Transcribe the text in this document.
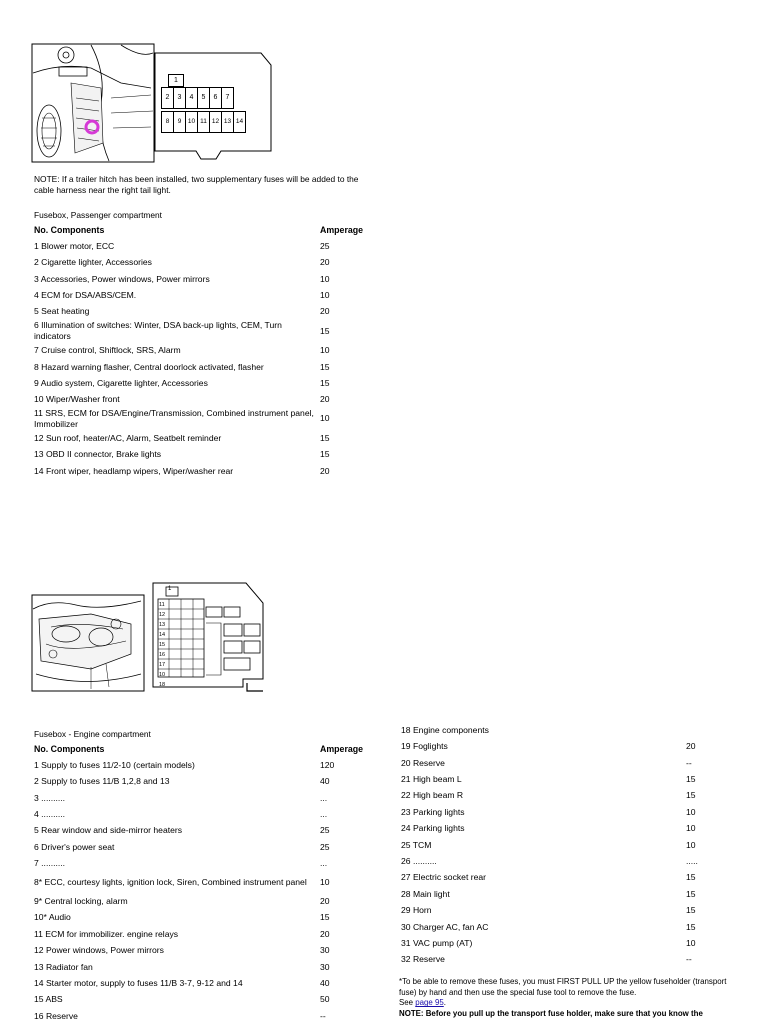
1
2	3	4	5	6	7
8	9	10 11 12 13 14
NOTE: If a trailer hitch has been installed, two supplementary fuses will be added to the cable harness near the right tail light.
Fusebox, Passenger compartment
No. Components	Amperage
1 Blower motor, ECC	25
2 Cigarette lighter, Accessories	20
3 Accessories, Power windows, Power mirrors	10
4 ECM for DSA/ABS/CEM.	10
5 Seat heating	20
6 Illumination of switches: Winter, DSA back-up lights, CEM, Turn indicators	15
7 Cruise control, Shiftlock, SRS, Alarm	10
8 Hazard warning flasher, Central doorlock activated, flasher	15
9 Audio system, Cigarette lighter, Accessories	15
10 Wiper/Washer front	20
11 SRS, ECM for DSA/Engine/Transmission, Combined instrument panel, Immobilizer	10
12 Sun roof, heater/AC, Alarm, Seatbelt reminder	15
13 OBD II connector, Brake lights	15
14 Front wiper, headlamp wipers, Wiper/washer rear	20
1
11
12
13
14
15
16
17
10
18
Fusebox - Engine compartment
No. Components	Amperage
1 Supply to fuses 11/2-10 (certain models)	120
2 Supply to fuses 11/B 1,2,8 and 13	40
3 ..........	...
4 ..........	...
5 Rear window and side-mirror heaters	25
6 Driver's power seat	25
7 ..........	...
8* ECC, courtesy lights, ignition lock, Siren, Combined instrument panel	10
9* Central locking, alarm	20
10* Audio	15
11 ECM for immobilizer. engine relays	20
12 Power windows, Power mirrors	30
13 Radiator fan	30
14 Starter motor, supply to fuses 11/B 3-7, 9-12 and 14	40
15 ABS	50
16 Reserve	--
18 Engine components	
19 Foglights	20
20 Reserve	--
21 High beam L	15
22 High beam R	15
23 Parking lights	10
24 Parking lights	10
25 TCM	10
26 ..........	.....
27 Electric socket rear	15
28 Main light	15
29 Horn	15
30 Charger AC, fan AC	15
31 VAC pump (AT)	10
32 Reserve	--
*To be able to remove these fuses, you must FIRST PULL UP the yellow fuseholder (transport fuse) by hand and then use the special fuse tool to remove the fuse.
See page 95.
NOTE: Before you pull up the transport fuse holder, make sure that you know the
